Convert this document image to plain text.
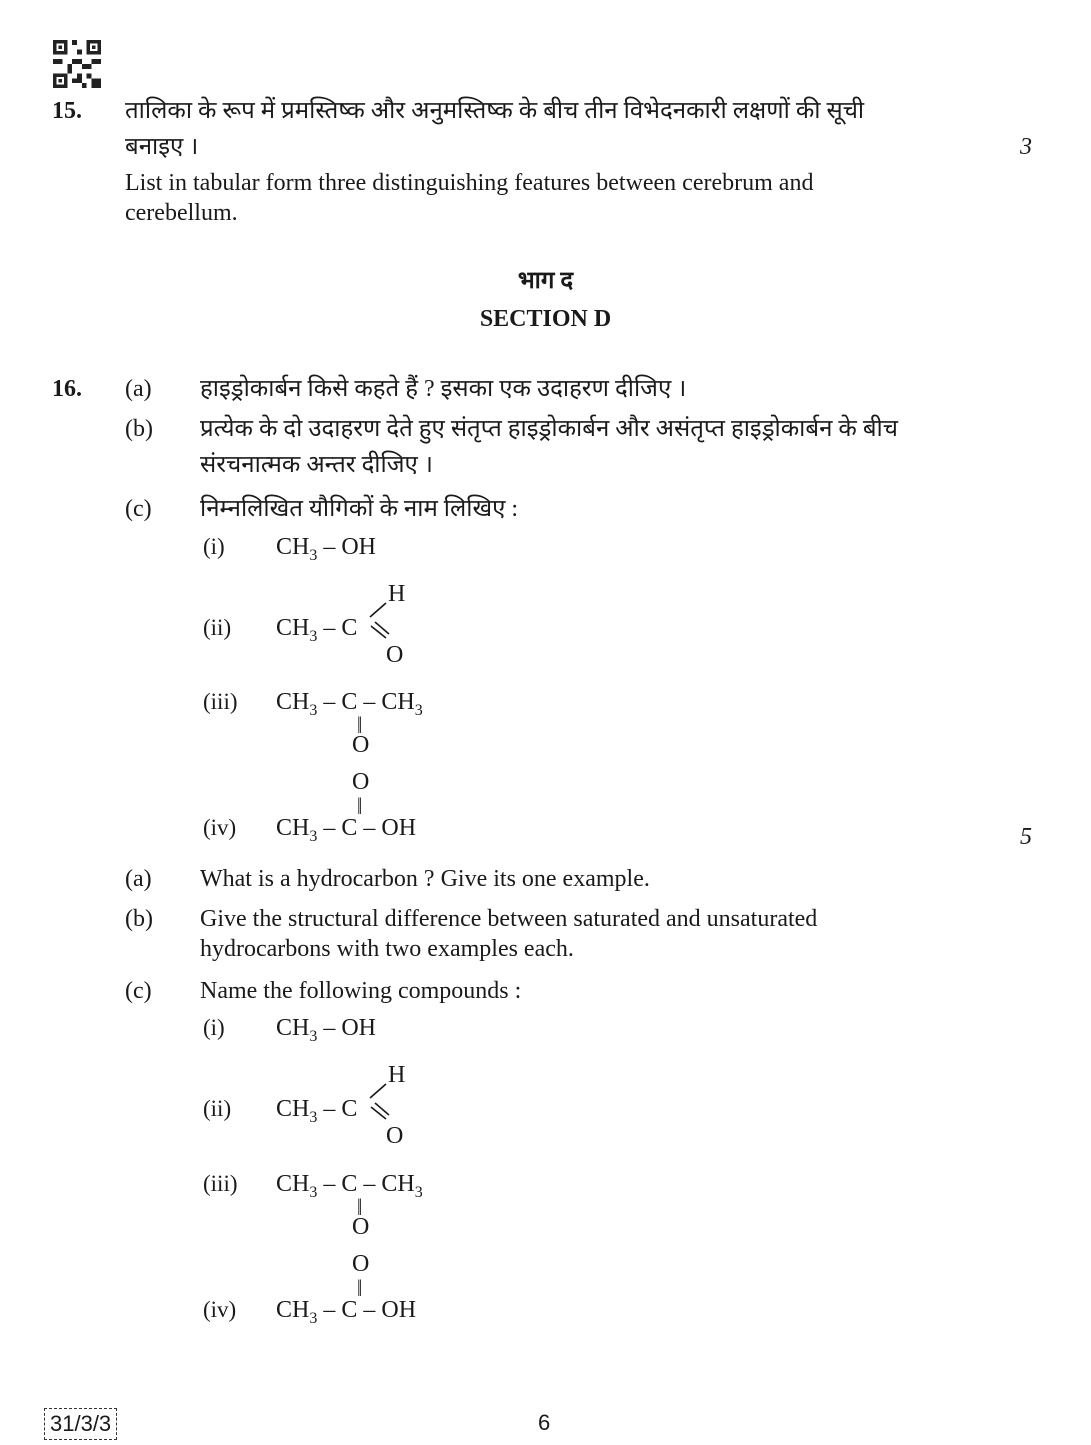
15. तालिका के रूप में प्रमस्तिष्क और अनुमस्तिष्क के बीच तीन विभेदनकारी लक्षणों की सूची
बनाइए ।	3
List in tabular form three distinguishing features between cerebrum and
cerebellum.
भाग द
SECTION D
16. (a) हाइड्रोकार्बन किसे कहते हैं ? इसका एक उदाहरण दीजिए ।
(b) प्रत्येक के दो उदाहरण देते हुए संतृप्त हाइड्रोकार्बन और असंतृप्त हाइड्रोकार्बन के बीच
संरचनात्मक अन्तर दीजिए ।
(c) निम्नलिखित यौगिकों के नाम लिखिए :
(i) $CH_3$ – OH
H
(ii) $CH_3$ – C
O
(iii) $CH_3$ – C – $CH_3$
||
O
O
||
(iv) $CH_3$ – C – OH	5
(a) What is a hydrocarbon ? Give its one example.
(b) Give the structural difference between saturated and unsaturated
hydrocarbons with two examples each.
(c) Name the following compounds :
(i) $CH_3$ – OH
H
(ii) $CH_3$ – C
O
(iii) $CH_3$ – C – $CH_3$
||
O
O
||
(iv) $CH_3$ – C – OH
31/3/3	6
